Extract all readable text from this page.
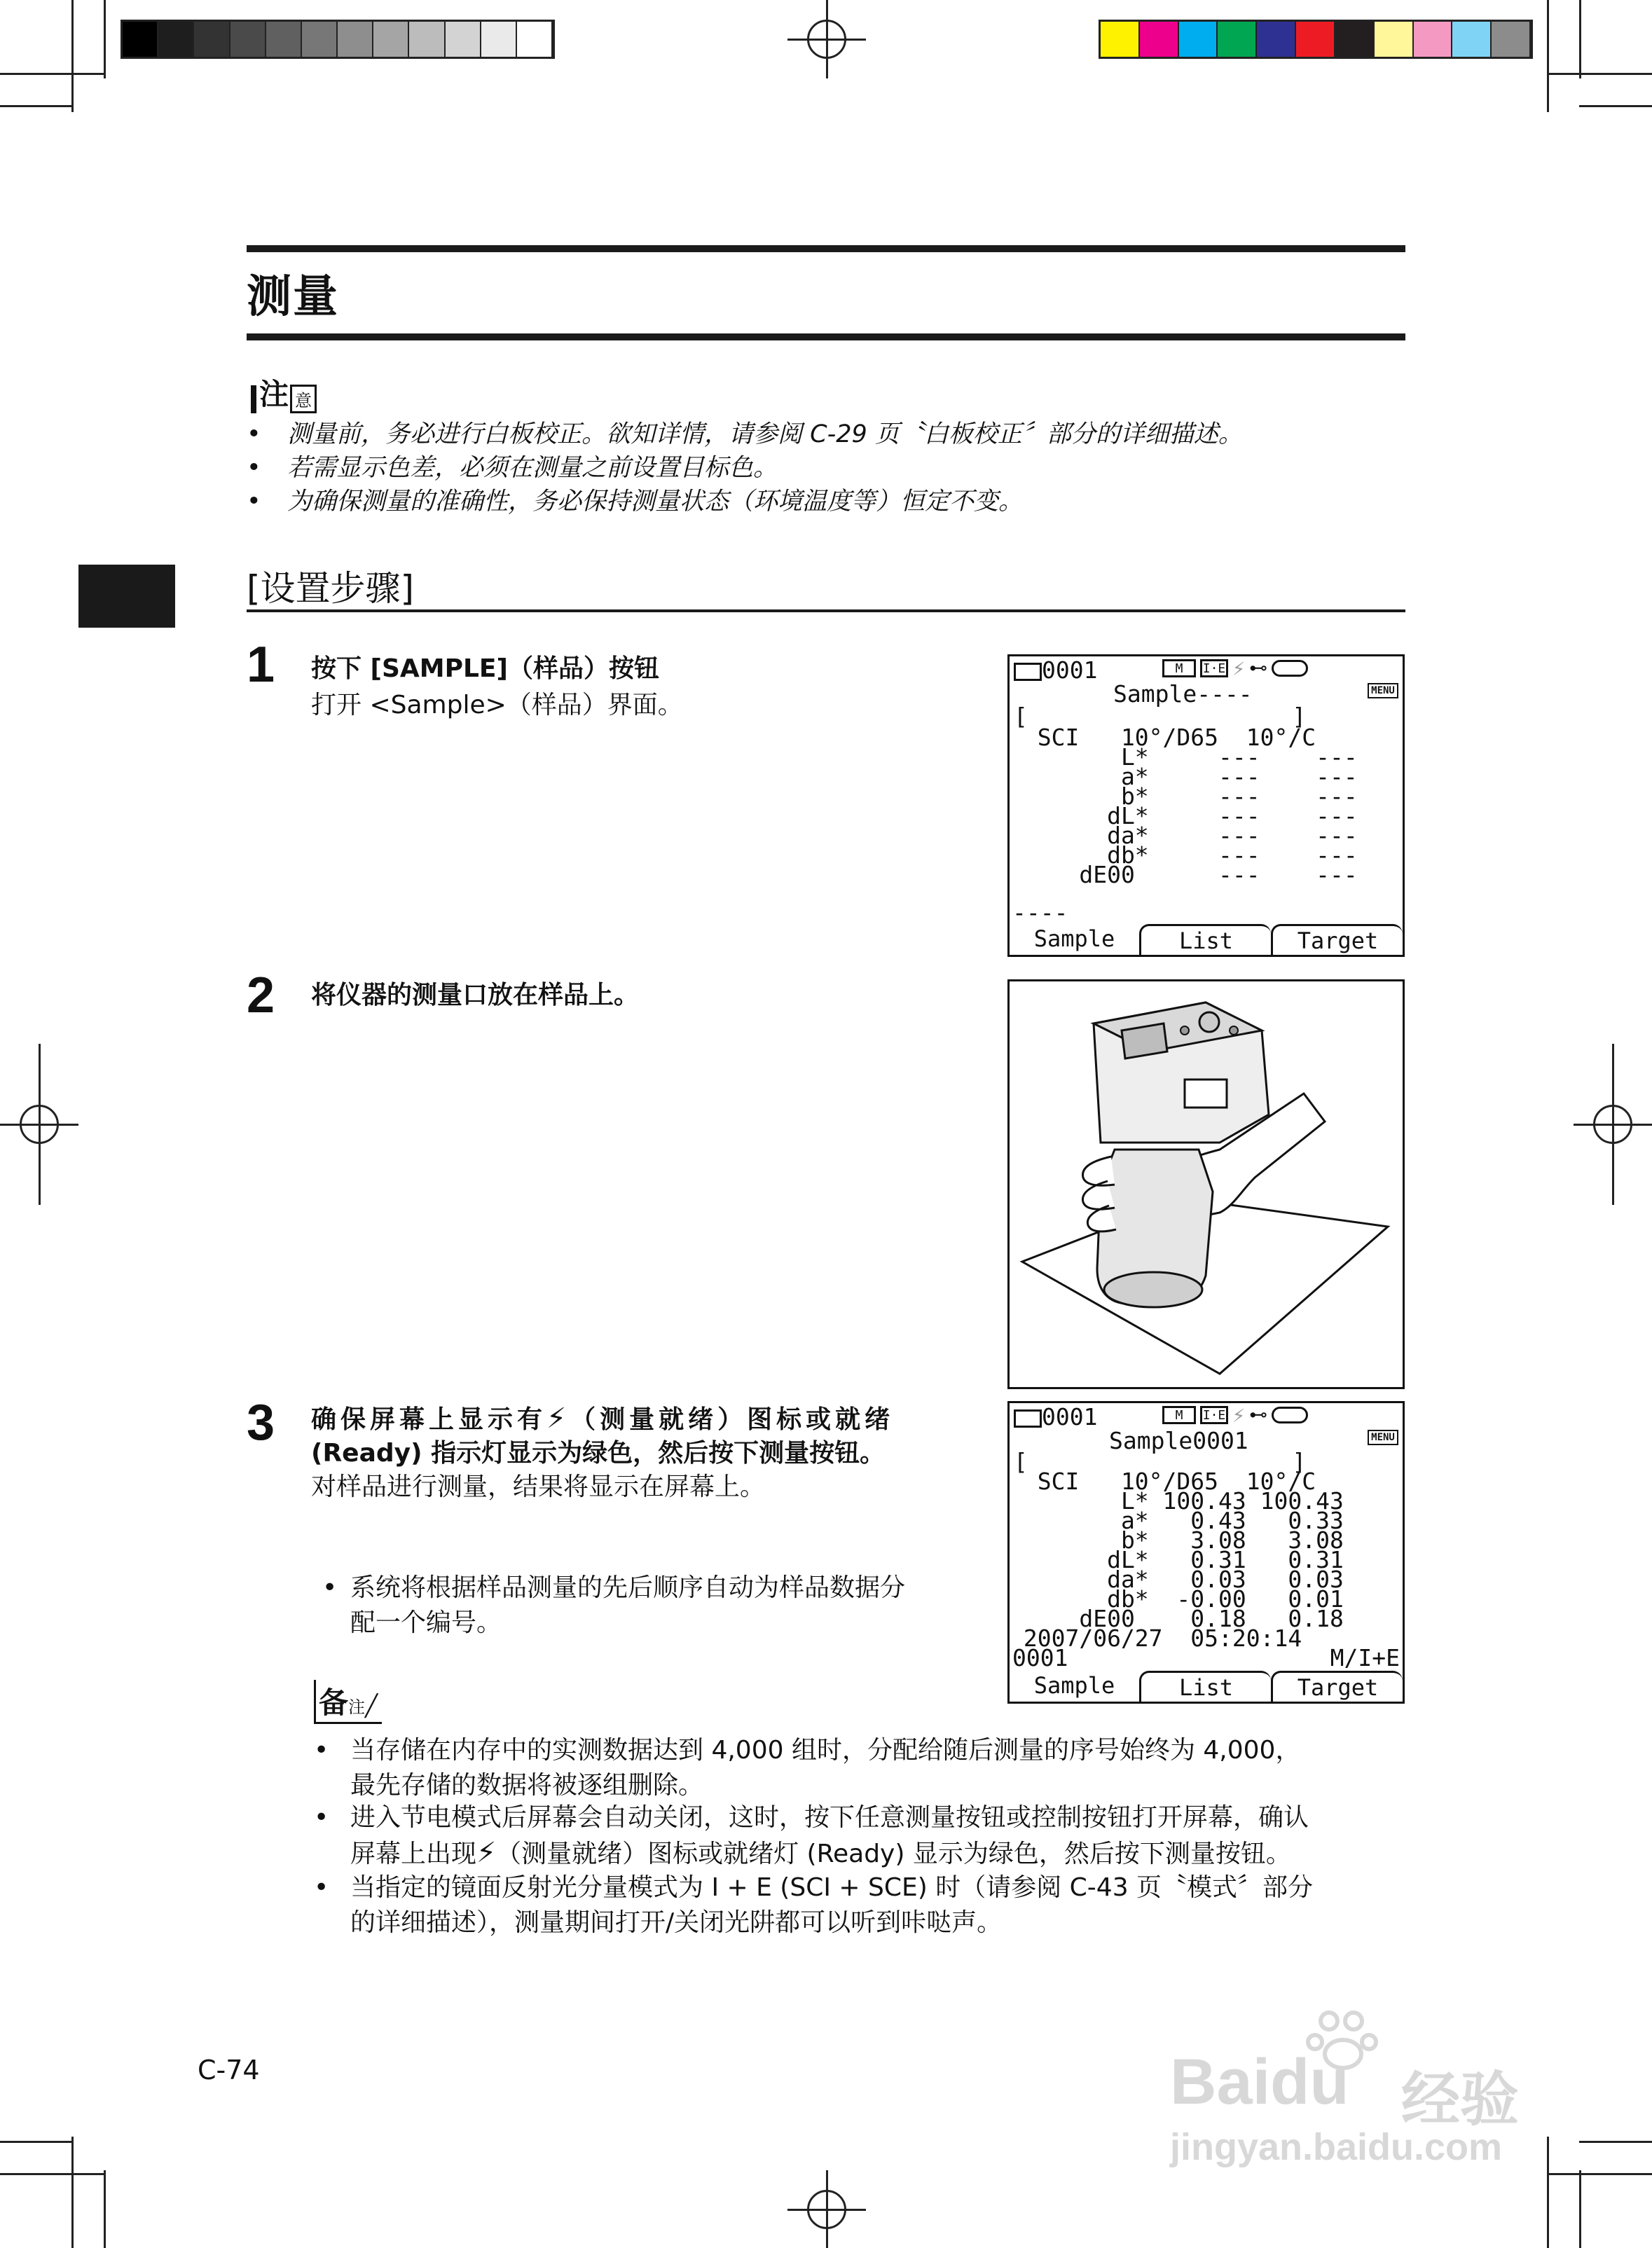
测量
注 意
• 测量前，务必进行白板校正。欲知详情，请参阅 C-29 页〝白板校正〞部分的详细描述。
• 若需显示色差，必须在测量之前设置目标色。
• 为确保测量的准确性，务必保持测量状态（环境温度等）恒定不变。
[设置步骤]
1 按下 [SAMPLE]（样品）按钮
打开 <Sample>（样品）界面。
0001	M	I·E ⚡ ⊷
Sample----	MENU
[                   ]
SCI   10°/D65  10°/C
L*     ---    ---
a*     ---    ---
b*     ---    ---
dL*     ---    ---
da*     ---    ---
db*     ---    ---
dE00      ---    ---
----
Sample	List	Target
2 将仪器的测量口放在样品上。
3 确保屏幕上显示有⚡（测量就绪）图标或就绪
(Ready) 指示灯显示为绿色，然后按下测量按钮。
对样品进行测量，结果将显示在屏幕上。
• 系统将根据样品测量的先后顺序自动为样品数据分
配一个编号。
0001	M	I·E ⚡ ⊷
Sample0001	MENU
[                   ]
SCI   10°/D65  10°/C
L* 100.43 100.43
a*   0.43   0.33
b*   3.08   3.08
dL*   0.31   0.31
da*   0.03   0.03
db*  -0.00   0.01
dE00    0.18   0.18
2007/06/27  05:20:14
0001	M/I+E
Sample	List	Target
备注╱
• 当存储在内存中的实测数据达到 4,000 组时，分配给随后测量的序号始终为 4,000，
最先存储的数据将被逐组删除。
• 进入节电模式后屏幕会自动关闭，这时，按下任意测量按钮或控制按钮打开屏幕，确认
屏幕上出现⚡（测量就绪）图标或就绪灯 (Ready) 显示为绿色，然后按下测量按钮。
• 当指定的镜面反射光分量模式为 I + E (SCI + SCE) 时（请参阅 C-43 页〝模式〞部分
的详细描述），测量期间打开/关闭光阱都可以听到咔哒声。
C-74	Baidu 经验
jingyan.baidu.com
